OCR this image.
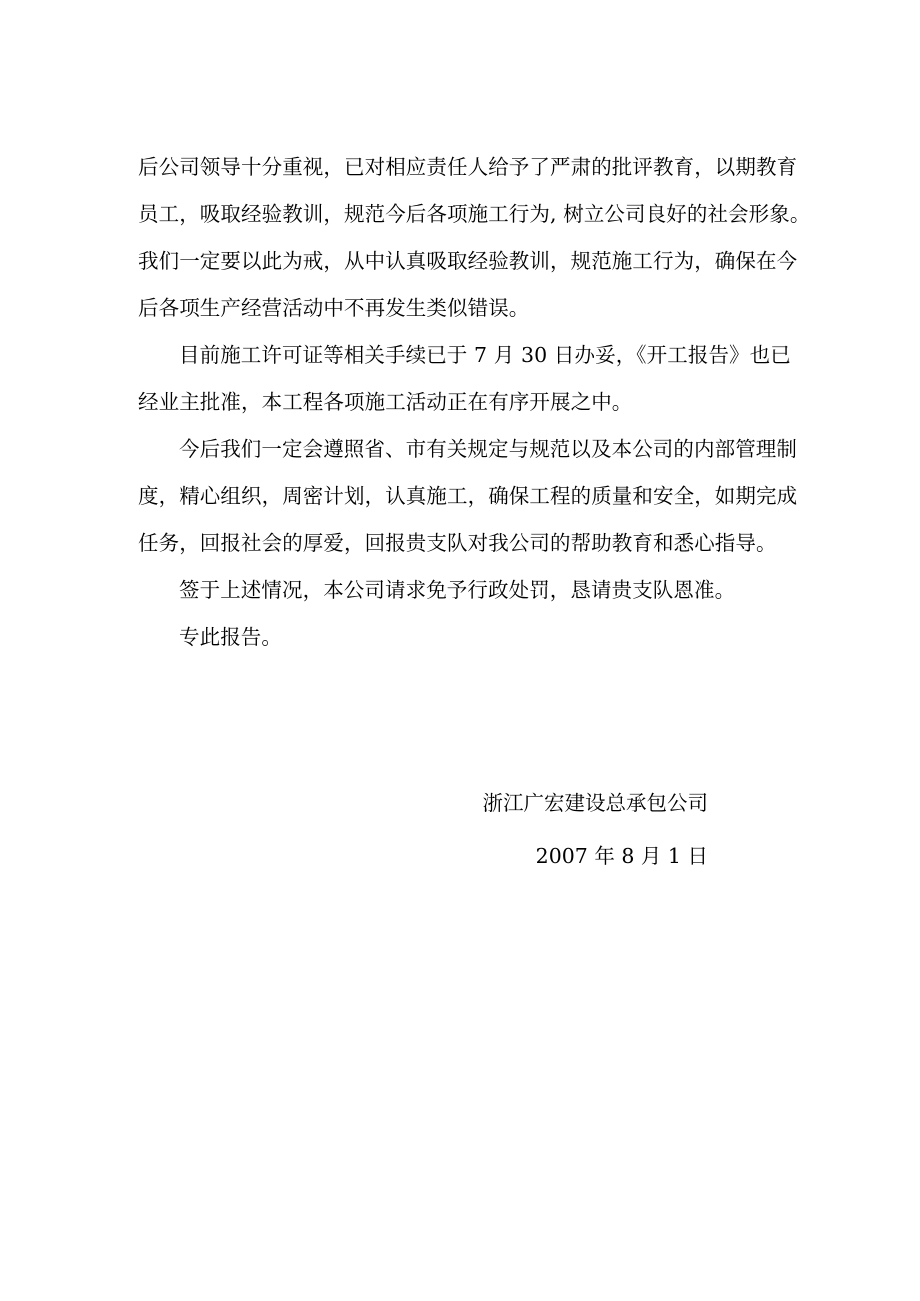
后公司领导十分重视，已对相应责任人给予了严肃的批评教育，以期教育
员工，吸取经验教训，规范今后各项施工行为, 树立公司良好的社会形象。
我们一定要以此为戒，从中认真吸取经验教训，规范施工行为，确保在今
后各项生产经营活动中不再发生类似错误。
目前施工许可证等相关手续已于 7 月 30 日办妥，《开工报告》也已
经业主批准，本工程各项施工活动正在有序开展之中。
今后我们一定会遵照省、市有关规定与规范以及本公司的内部管理制
度，精心组织，周密计划，认真施工，确保工程的质量和安全，如期完成
任务，回报社会的厚爱，回报贵支队对我公司的帮助教育和悉心指导。
签于上述情况，本公司请求免予行政处罚，恳请贵支队恩准。
专此报告。
浙江广宏建设总承包公司
2007 年 8 月 1 日
